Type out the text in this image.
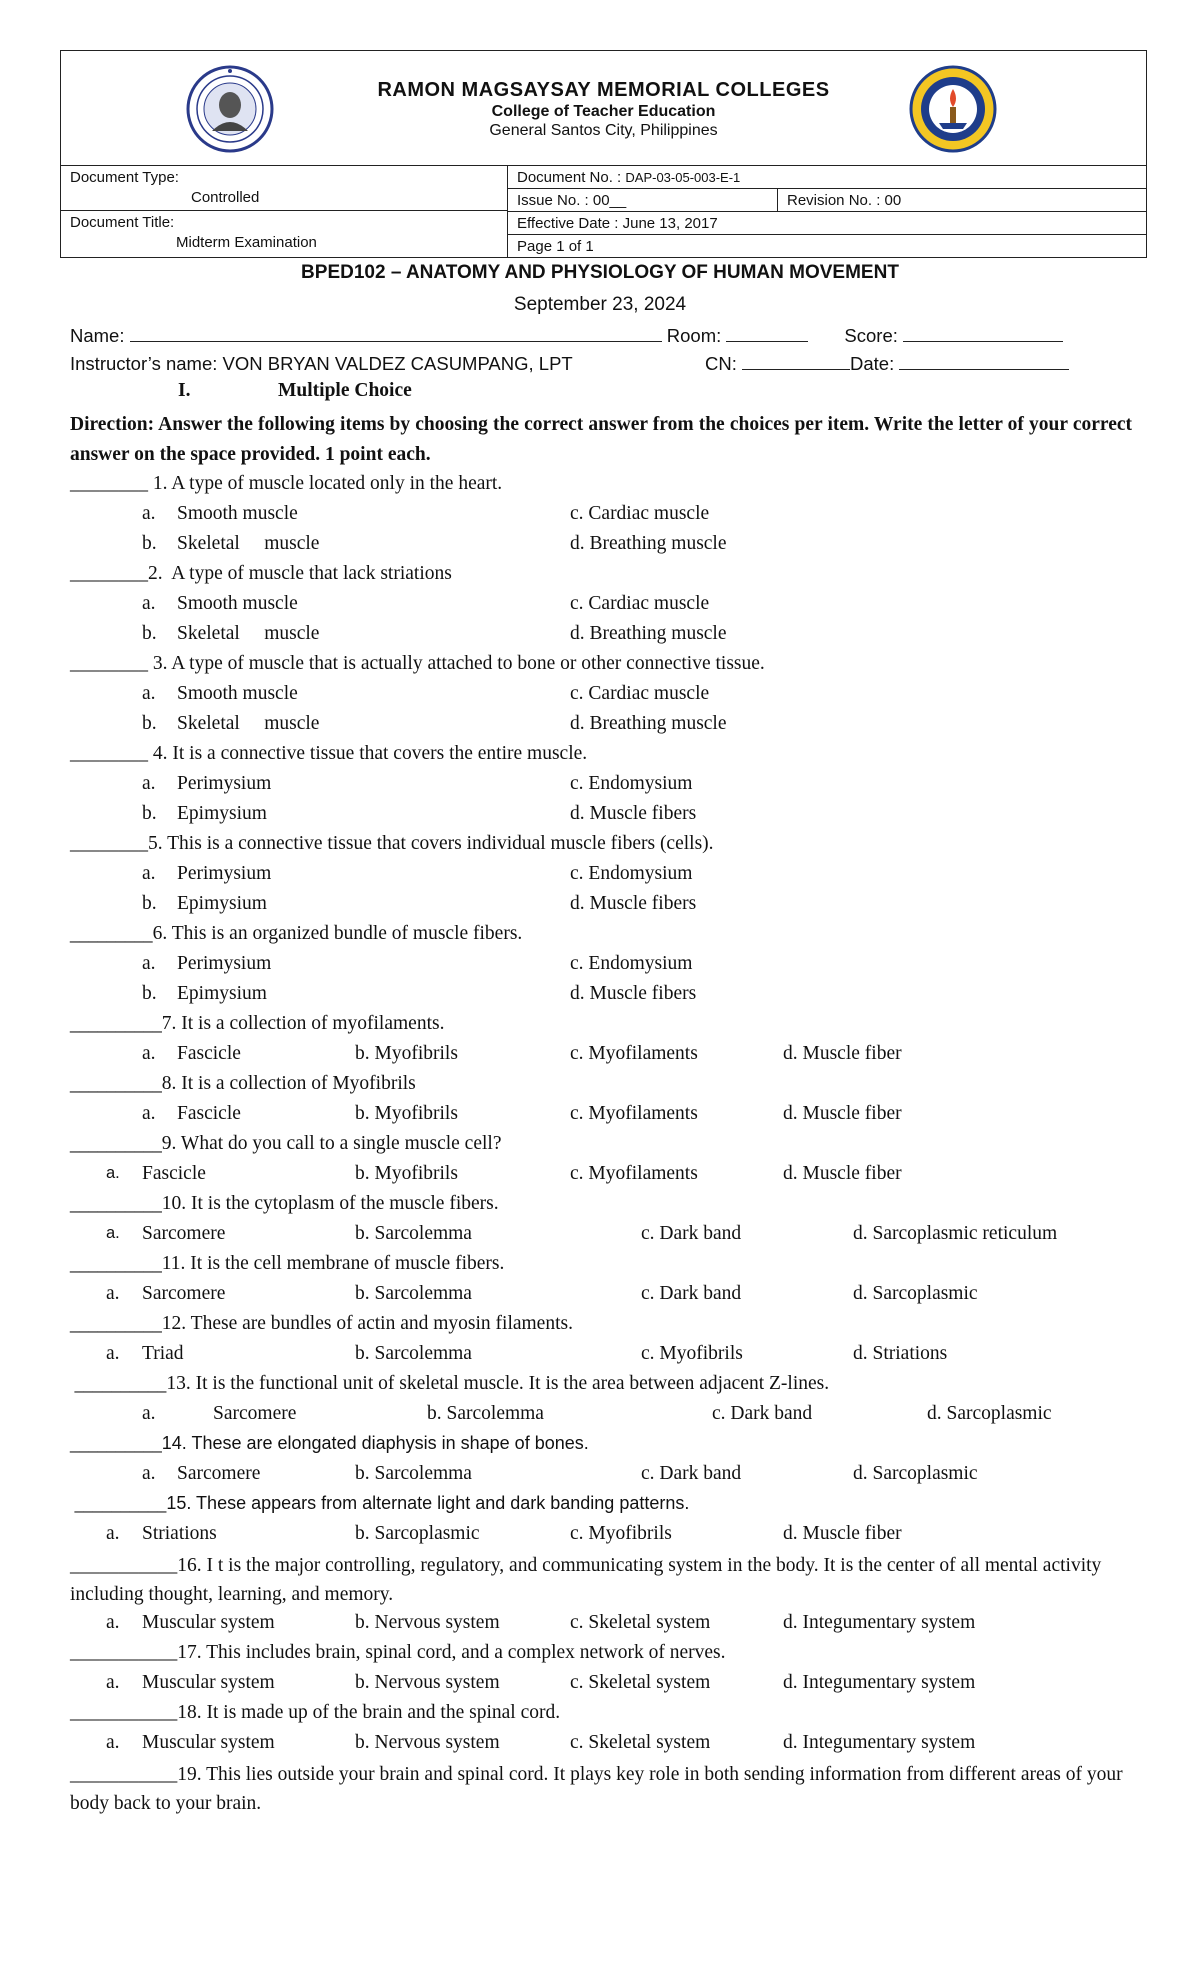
RAMON MAGSAYSAY MEMORIAL COLLEGES
College of Teacher Education
General Santos City, Philippines
Document Type:
Controlled
Document Title:
Midterm Examination
Document No. :
DAP-03-05-003-E-1
Issue No. : 00__	Revision No. : 00
Effective Date : June 13, 2017
Page 1 of 1
BPED102 – ANATOMY AND PHYSIOLOGY OF HUMAN MOVEMENT
September 23, 2024
Name:	Room:	Score:
Instructor’s name: VON BRYAN VALDEZ CASUMPANG, LPT	CN:	Date:
I.	Multiple Choice
Direction: Answer the following items by choosing the correct answer from the choices per item. Write the letter of your correct answer on the space provided. 1 point each.
________ 1. A type of muscle located only in the heart.
a. Smooth muscle	c. Cardiac muscle
b. Skeletal     muscle	d. Breathing muscle
________2.  A type of muscle that lack striations
a. Smooth muscle	c. Cardiac muscle
b. Skeletal     muscle	d. Breathing muscle
________ 3. A type of muscle that is actually attached to bone or other connective tissue.
a. Smooth muscle	c. Cardiac muscle
b. Skeletal     muscle	d. Breathing muscle
________ 4. It is a connective tissue that covers the entire muscle.
a. Perimysium	c. Endomysium
b. Epimysium	d. Muscle fibers
________5. This is a connective tissue that covers individual muscle fibers (cells).
a. Perimysium	c. Endomysium
b. Epimysium	d. Muscle fibers
_________6. This is an organized bundle of muscle fibers.
a. Perimysium	c. Endomysium
b. Epimysium	d. Muscle fibers
__________7. It is a collection of myofilaments.
a. Fascicle	b. Myofibrils	c. Myofilaments	d. Muscle fiber
__________8. It is a collection of Myofibrils
a. Fascicle	b. Myofibrils	c. Myofilaments	d. Muscle fiber
__________9. What do you call to a single muscle cell?
a. Fascicle	b. Myofibrils	c. Myofilaments	d. Muscle fiber
__________10. It is the cytoplasm of the muscle fibers.
a. Sarcomere	b. Sarcolemma	c. Dark band	d. Sarcoplasmic reticulum
__________11. It is the cell membrane of muscle fibers.
a. Sarcomere	b. Sarcolemma	c. Dark band	d. Sarcoplasmic
__________12. These are bundles of actin and myosin filaments.
a. Triad	b. Sarcolemma	c. Myofibrils	d. Striations
__________13. It is the functional unit of skeletal muscle. It is the area between adjacent Z-lines.
a.	Sarcomere	b. Sarcolemma	c. Dark band	d. Sarcoplasmic
__________14. These are elongated diaphysis in shape of bones.
a. Sarcomere	b. Sarcolemma	c. Dark band	d. Sarcoplasmic
__________15. These appears from alternate light and dark banding patterns.
a. Striations	b. Sarcoplasmic	c. Myofibrils	d. Muscle fiber
___________16. I t is the major controlling, regulatory, and communicating system in the body. It is the center of all mental activity including thought, learning, and memory.
a. Muscular system	b. Nervous system	c. Skeletal system	d. Integumentary system
___________17. This includes brain, spinal cord, and a complex network of nerves.
a. Muscular system	b. Nervous system	c. Skeletal system	d. Integumentary system
___________18. It is made up of the brain and the spinal cord.
a. Muscular system	b. Nervous system	c. Skeletal system	d. Integumentary system
___________19. This lies outside your brain and spinal cord. It plays key role in both sending information from different areas of your body back to your brain.
